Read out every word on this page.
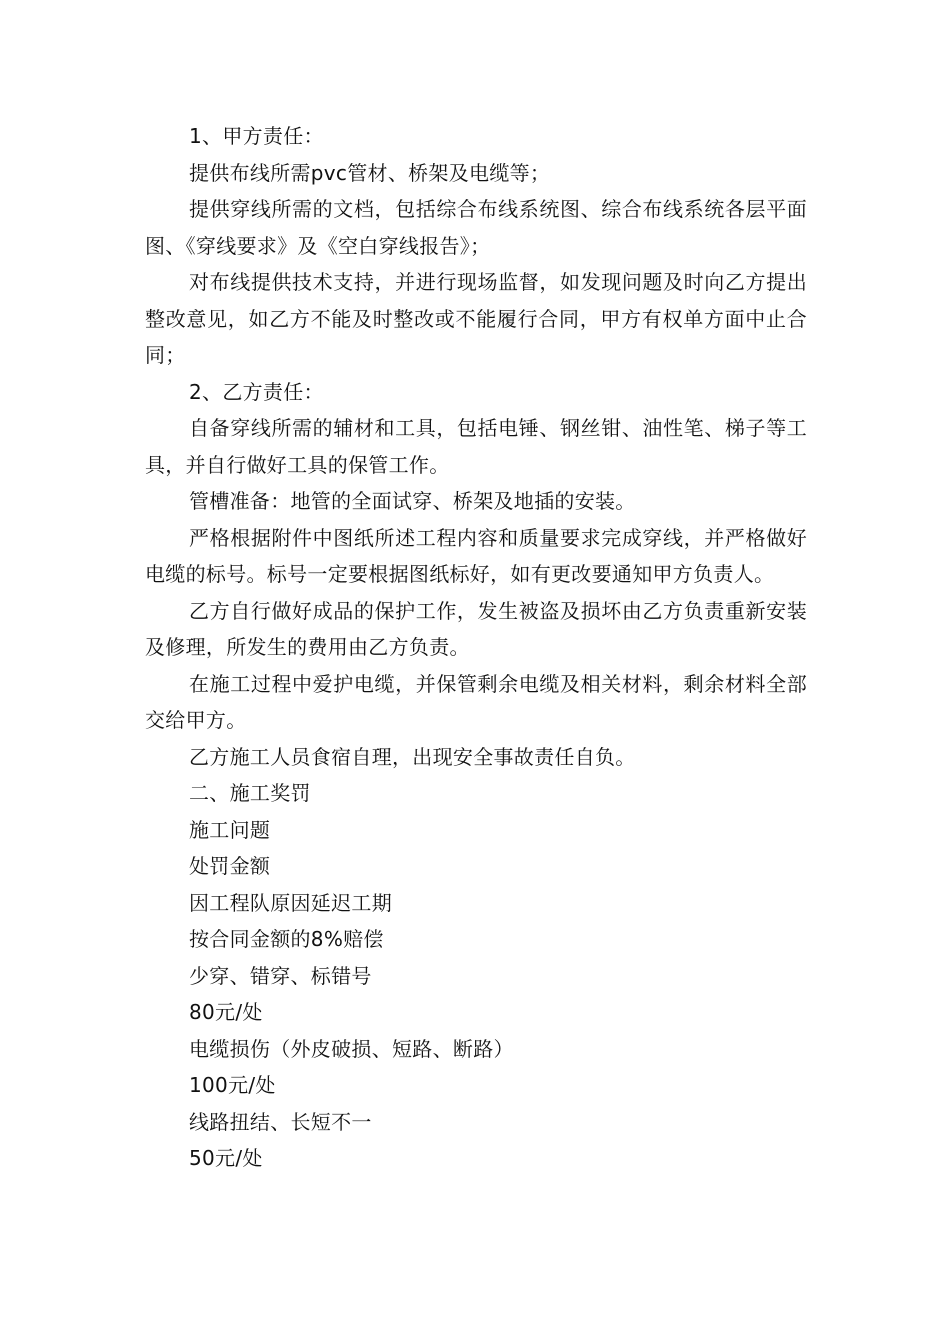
1、甲方责任：

提供布线所需pvc管材、桥架及电缆等；

提供穿线所需的文档，包括综合布线系统图、综合布线系统各层平面图、《穿线要求》及《空白穿线报告》；

对布线提供技术支持，并进行现场监督，如发现问题及时向乙方提出整改意见，如乙方不能及时整改或不能履行合同，甲方有权单方面中止合同；

2、乙方责任：

自备穿线所需的辅材和工具，包括电锤、钢丝钳、油性笔、梯子等工具，并自行做好工具的保管工作。

管槽准备：地管的全面试穿、桥架及地插的安装。

严格根据附件中图纸所述工程内容和质量要求完成穿线，并严格做好电缆的标号。标号一定要根据图纸标好，如有更改要通知甲方负责人。

乙方自行做好成品的保护工作，发生被盗及损坏由乙方负责重新安装及修理，所发生的费用由乙方负责。

在施工过程中爱护电缆，并保管剩余电缆及相关材料，剩余材料全部交给甲方。

乙方施工人员食宿自理，出现安全事故责任自负。

二、施工奖罚

施工问题

处罚金额

因工程队原因延迟工期

按合同金额的8%赔偿

少穿、错穿、标错号

80元/处

电缆损伤（外皮破损、短路、断路）

100元/处

线路扭结、长短不一

50元/处
